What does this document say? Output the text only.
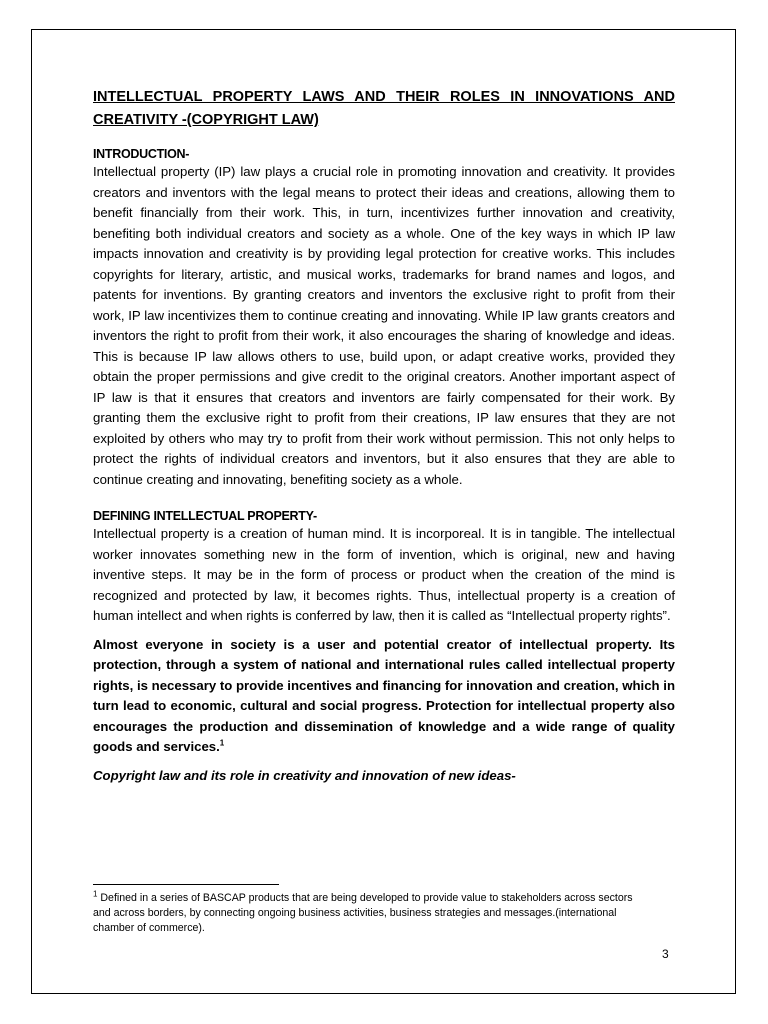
INTELLECTUAL PROPERTY LAWS AND THEIR ROLES IN INNOVATIONS AND CREATIVITY -(COPYRIGHT LAW)
INTRODUCTION-

Intellectual property (IP) law plays a crucial role in promoting innovation and creativity. It provides creators and inventors with the legal means to protect their ideas and creations, allowing them to benefit financially from their work. This, in turn, incentivizes further innovation and creativity, benefiting both individual creators and society as a whole. One of the key ways in which IP law impacts innovation and creativity is by providing legal protection for creative works. This includes copyrights for literary, artistic, and musical works, trademarks for brand names and logos, and patents for inventions. By granting creators and inventors the exclusive right to profit from their work, IP law incentivizes them to continue creating and innovating. While IP law grants creators and inventors the right to profit from their work, it also encourages the sharing of knowledge and ideas. This is because IP law allows others to use, build upon, or adapt creative works, provided they obtain the proper permissions and give credit to the original creators. Another important aspect of IP law is that it ensures that creators and inventors are fairly compensated for their work. By granting them the exclusive right to profit from their creations, IP law ensures that they are not exploited by others who may try to profit from their work without permission. This not only helps to protect the rights of individual creators and inventors, but it also ensures that they are able to continue creating and innovating, benefiting society as a whole.

DEFINING INTELLECTUAL PROPERTY-

Intellectual property is a creation of human mind. It is incorporeal. It is in tangible. The intellectual worker innovates something new in the form of invention, which is original, new and having inventive steps. It may be in the form of process or product when the creation of the mind is recognized and protected by law, it becomes rights. Thus, intellectual property is a creation of human intellect and when rights is conferred by law, then it is called as “Intellectual property rights”.

Almost everyone in society is a user and potential creator of intellectual property. Its protection, through a system of national and international rules called intellectual property rights, is necessary to provide incentives and financing for innovation and creation, which in turn lead to economic, cultural and social progress. Protection for intellectual property also encourages the production and dissemination of knowledge and a wide range of quality goods and services.$^1$

Copyright law and its role in creativity and innovation of new ideas-

$^1$ Defined in a series of BASCAP products that are being developed to provide value to stakeholders across sectors and across borders, by connecting ongoing business activities, business strategies and messages.(international chamber of commerce).

3
